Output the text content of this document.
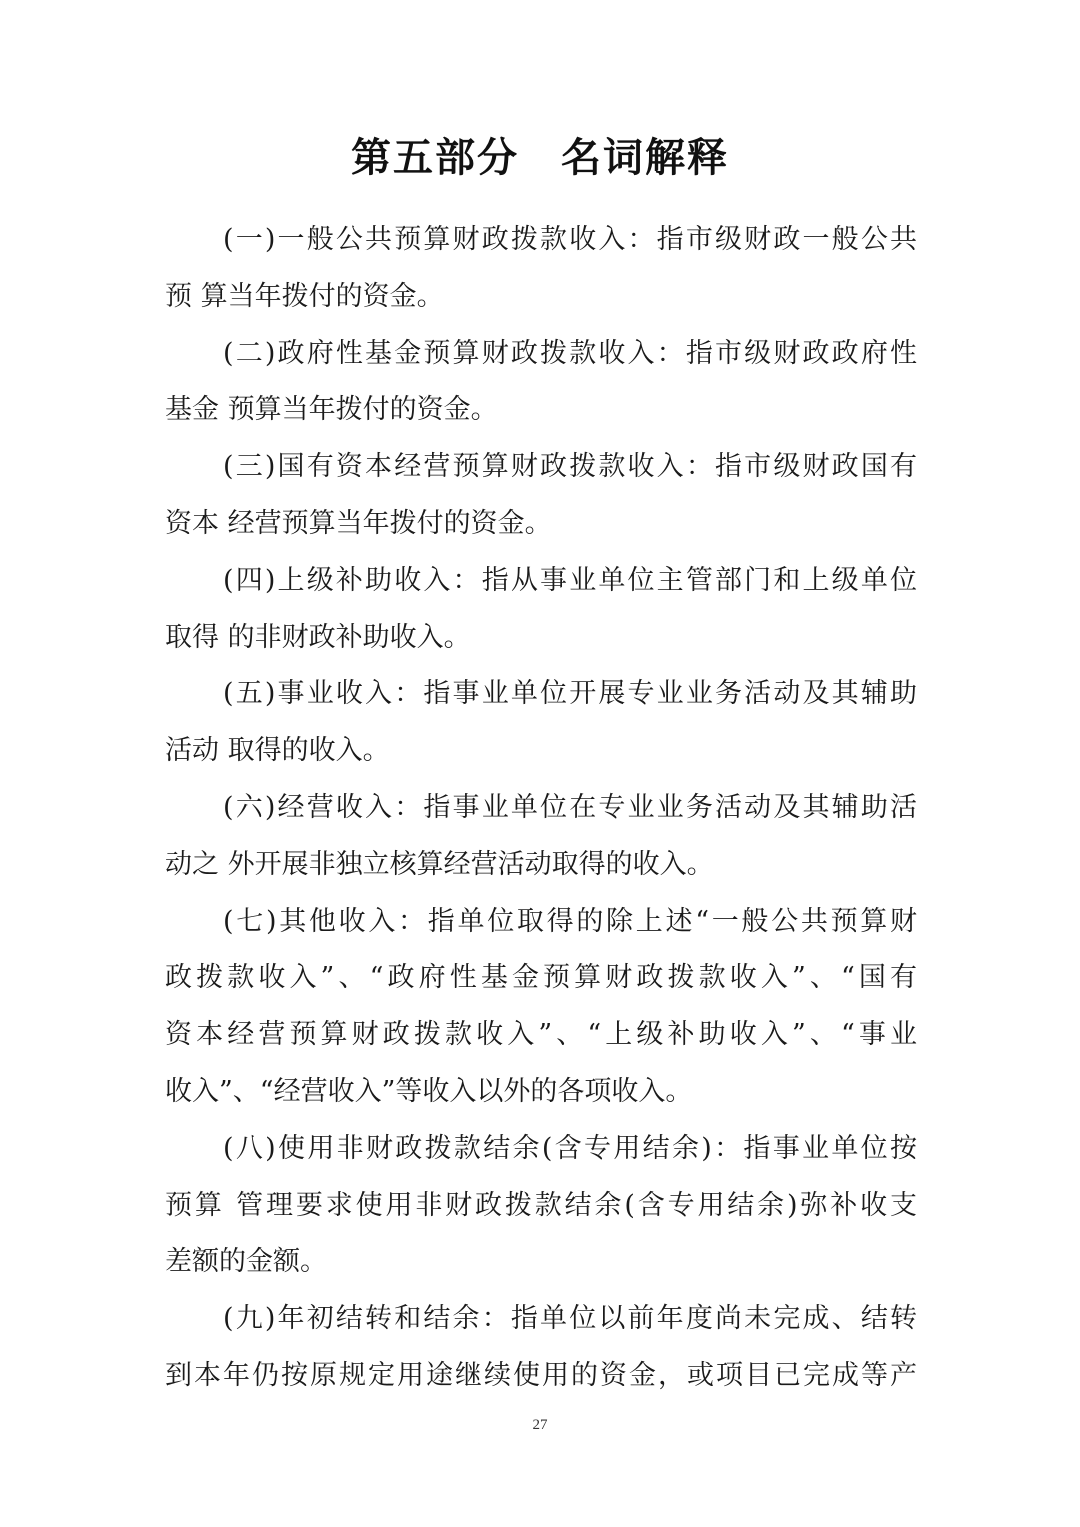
第五部分　名词解释
(一)一般公共预算财政拨款收入：指市级财政一般公共
预 算当年拨付的资金。
(二)政府性基金预算财政拨款收入：指市级财政政府性
基金 预算当年拨付的资金。
(三)国有资本经营预算财政拨款收入：指市级财政国有
资本 经营预算当年拨付的资金。
(四)上级补助收入：指从事业单位主管部门和上级单位
取得 的非财政补助收入。
(五)事业收入：指事业单位开展专业业务活动及其辅助
活动 取得的收入。
(六)经营收入：指事业单位在专业业务活动及其辅助活
动之 外开展非独立核算经营活动取得的收入。
(七)其他收入：指单位取得的除上述“一般公共预算财
政拨款收入”、“政府性基金预算财政拨款收入”、“国有
资本经营预算财政拨款收入”、“上级补助收入”、“事业
收入”、“经营收入”等收入以外的各项收入。
(八)使用非财政拨款结余(含专用结余)：指事业单位按
预算 管理要求使用非财政拨款结余(含专用结余)弥补收支
差额的金额。
(九)年初结转和结余：指单位以前年度尚未完成、结转
到本年仍按原规定用途继续使用的资金，或项目已完成等产
27
